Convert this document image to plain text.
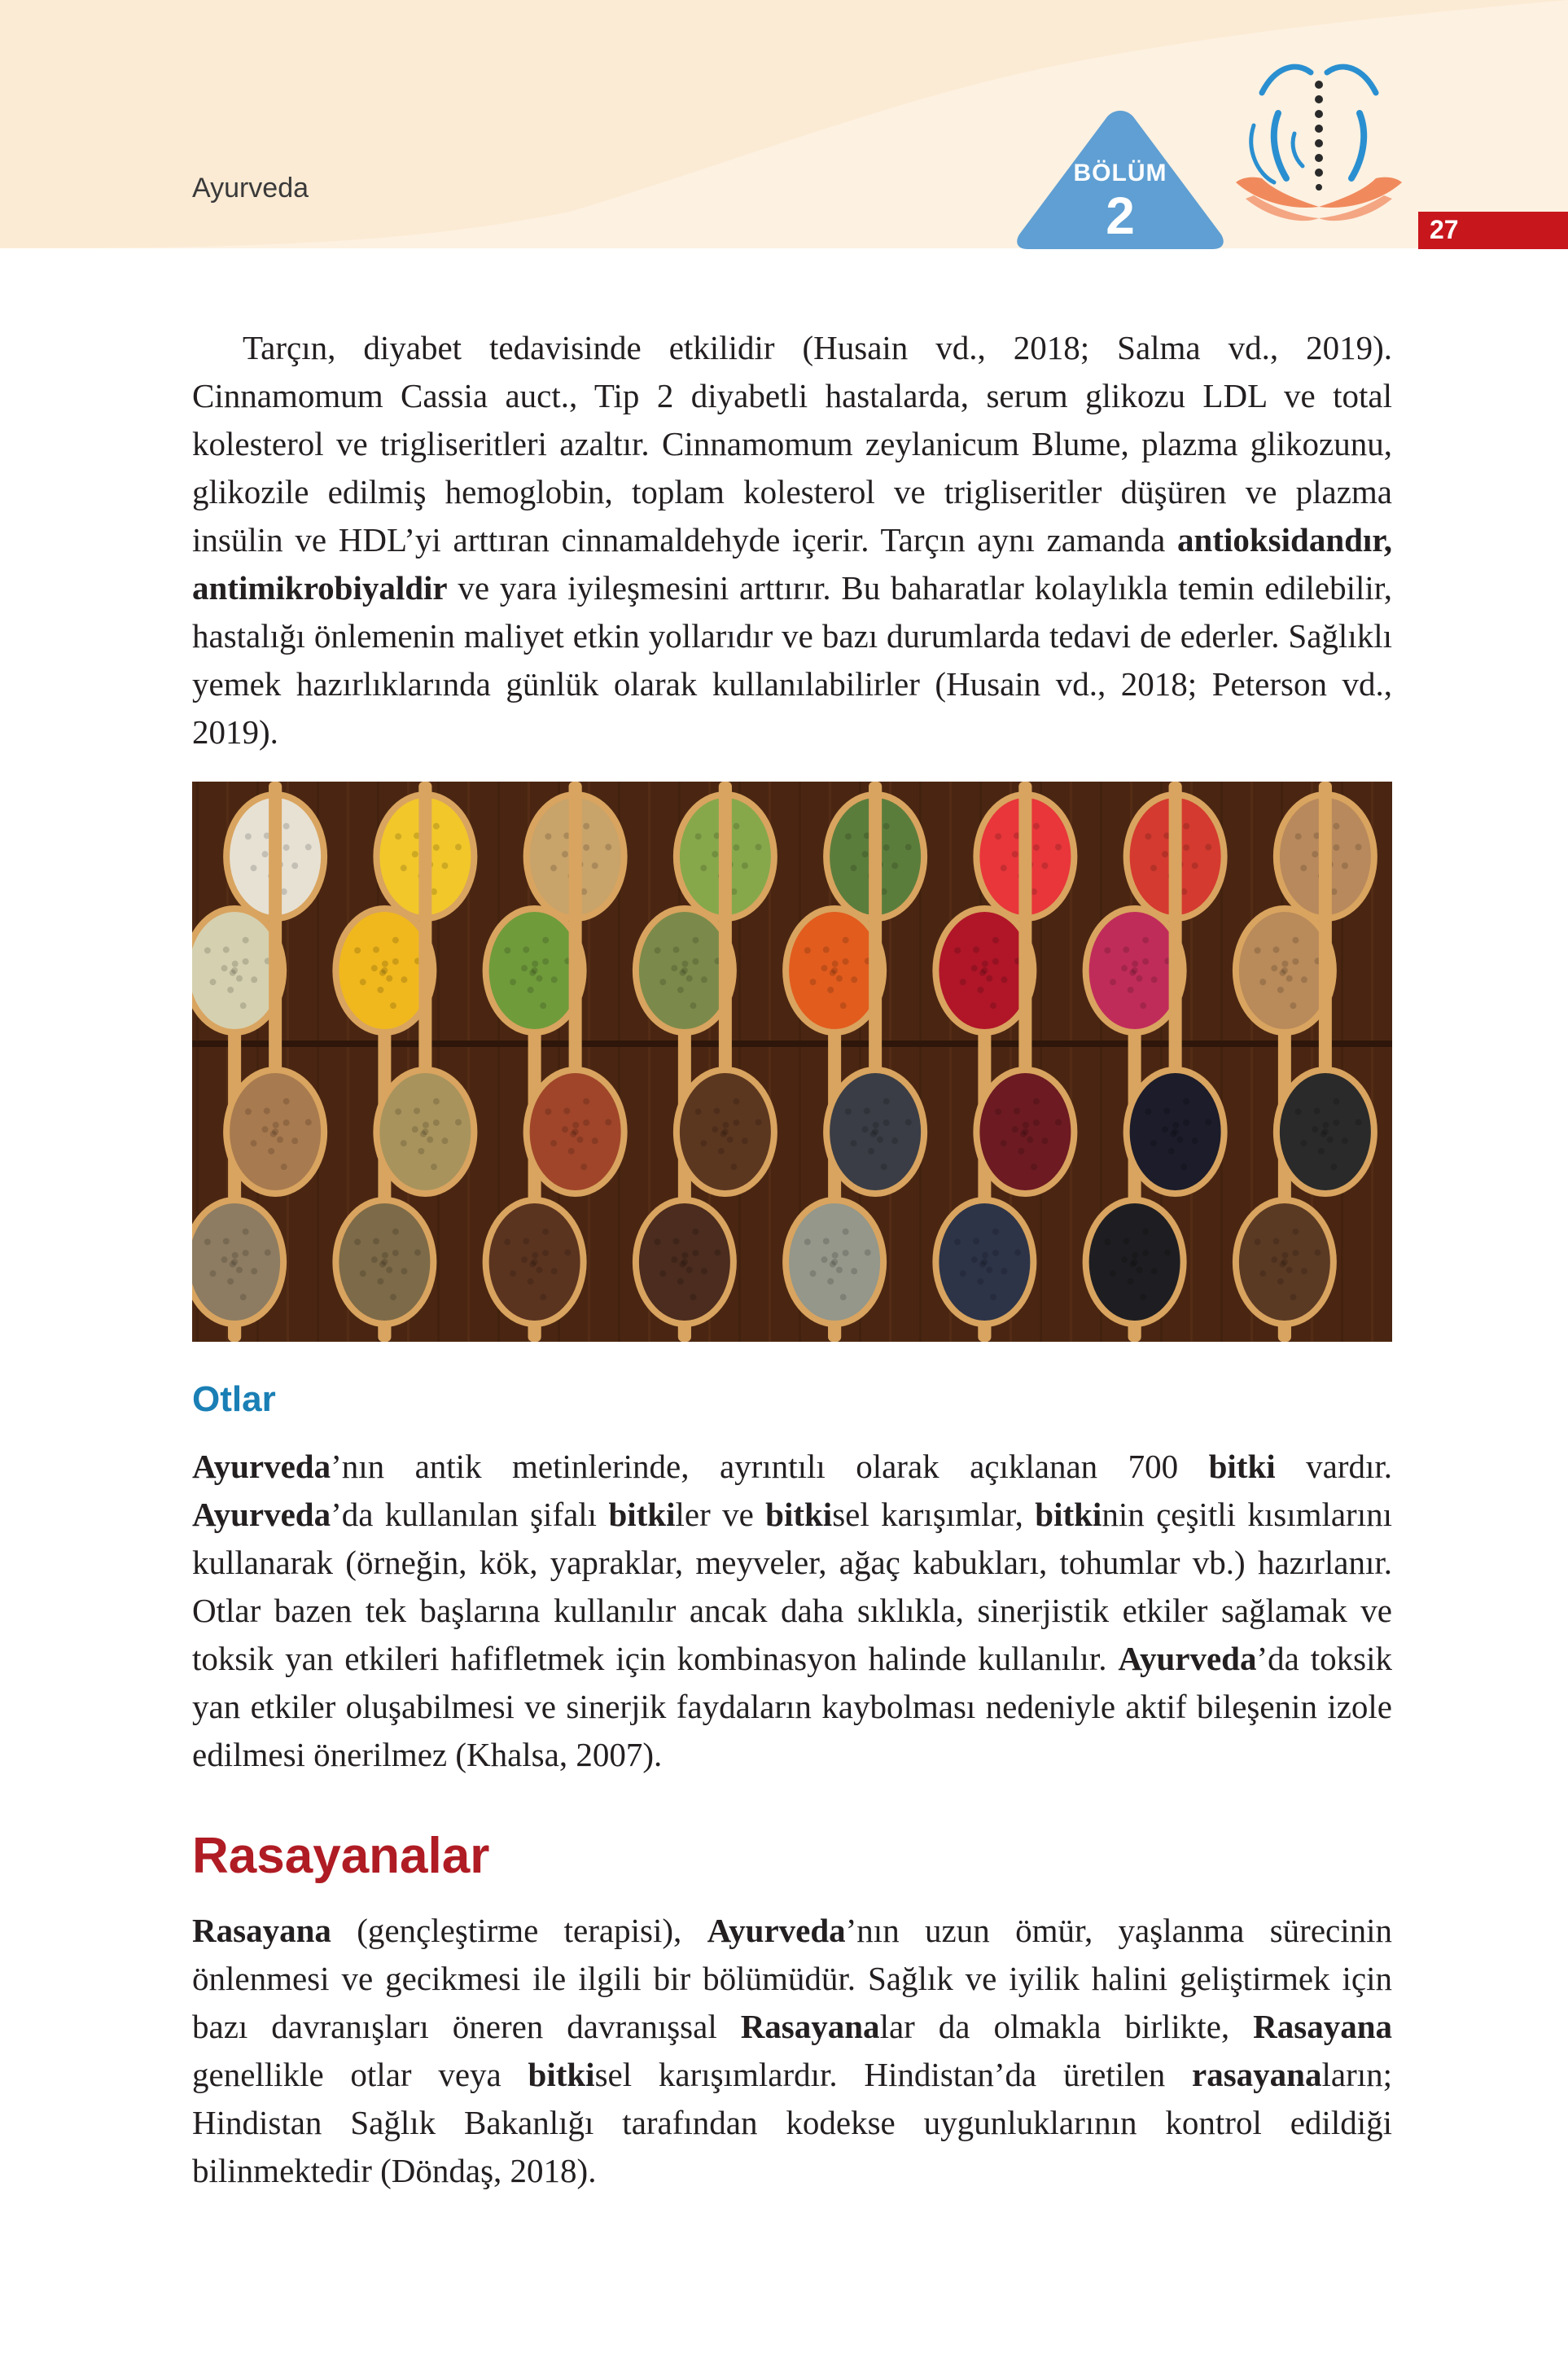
Ayurveda	BÖLÜM
2	27

Tarçın, diyabet tedavisinde etkilidir (Husain vd., 2018; Salma vd., 2019). Cinnamomum Cassia auct., Tip 2 diyabetli hastalarda, serum glikozu LDL ve total kolesterol ve trigliseritleri azaltır. Cinnamomum zeylanicum Blume, plazma glikozunu, glikozile edilmiş hemoglobin, toplam kolesterol ve trigliseritler düşüren ve plazma insülin ve HDL’yi arttıran cinnamaldehyde içerir. Tarçın aynı zamanda antioksidandır, antimikrobiyaldir ve yara iyileşmesini arttırır. Bu baharatlar kolaylıkla temin edilebilir, hastalığı önlemenin maliyet etkin yollarıdır ve bazı durumlarda tedavi de ederler. Sağlıklı yemek hazırlıklarında günlük olarak kullanılabilirler (Husain vd., 2018; Peterson vd., 2019).

Otlar

Ayurveda’nın antik metinlerinde, ayrıntılı olarak açıklanan 700 bitki vardır. Ayurveda’da kullanılan şifalı bitkiler ve bitkisel karışımlar, bitkinin çeşitli kısımlarını kullanarak (örneğin, kök, yapraklar, meyveler, ağaç kabukları, tohumlar vb.) hazırlanır. Otlar bazen tek başlarına kullanılır ancak daha sıklıkla, sinerjistik etkiler sağlamak ve toksik yan etkileri hafifletmek için kombinasyon halinde kullanılır. Ayurveda’da toksik yan etkiler oluşabilmesi ve sinerjik faydaların kaybolması nedeniyle aktif bileşenin izole edilmesi önerilmez (Khalsa, 2007).

Rasayanalar

Rasayana (gençleştirme terapisi), Ayurveda’nın uzun ömür, yaşlanma sürecinin önlenmesi ve gecikmesi ile ilgili bir bölümüdür. Sağlık ve iyilik halini geliştirmek için bazı davranışları öneren davranışsal Rasayanalar da olmakla birlikte, Rasayana genellikle otlar veya bitkisel karışımlardır. Hindistan’da üretilen rasayanaların; Hindistan Sağlık Bakanlığı tarafından kodekse uygunluklarının kontrol edildiği bilinmektedir (Döndaş, 2018).
